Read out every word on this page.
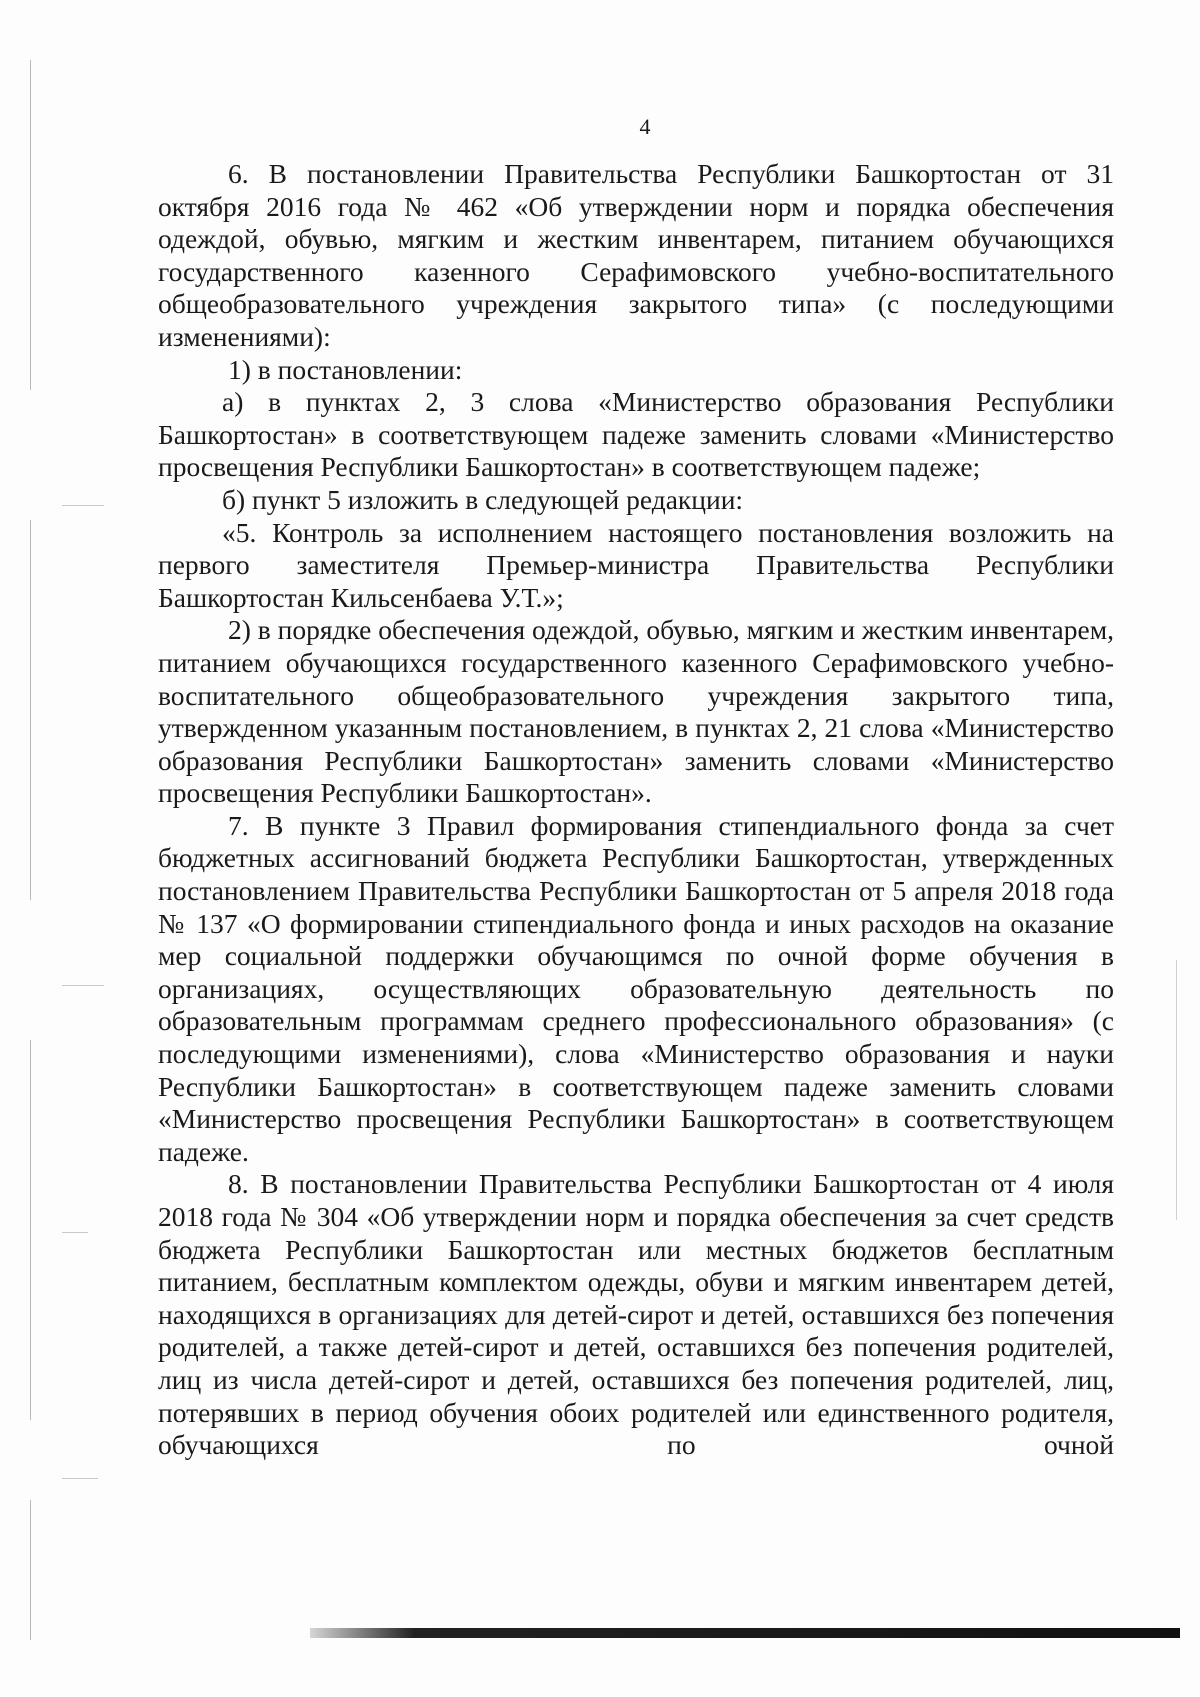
4

6. В постановлении Правительства Республики Башкортостан от 31 октября 2016 года № 462 «Об утверждении норм и порядка обеспечения одеждой, обувью, мягким и жестким инвентарем, питанием обучающихся государственного казенного Серафимовского учебно-воспитательного общеобразовательного учреждения закрытого типа» (с последующими изменениями):

1) в постановлении:

а) в пунктах 2, 3 слова «Министерство образования Республики Башкортостан» в соответствующем падеже заменить словами «Министерство просвещения Республики Башкортостан» в соответствующем падеже;

б) пункт 5 изложить в следующей редакции:

«5. Контроль за исполнением настоящего постановления возложить на первого заместителя Премьер-министра Правительства Республики Башкортостан Кильсенбаева У.Т.»;

2) в порядке обеспечения одеждой, обувью, мягким и жестким инвентарем, питанием обучающихся государственного казенного Серафимовского учебно-воспитательного общеобразовательного учреждения закрытого типа, утвержденном указанным постановлением, в пунктах 2, 21 слова «Министерство образования Республики Башкортостан» заменить словами «Министерство просвещения Республики Башкортостан».

7. В пункте 3 Правил формирования стипендиального фонда за счет бюджетных ассигнований бюджета Республики Башкортостан, утвержденных постановлением Правительства Республики Башкортостан от 5 апреля 2018 года № 137 «О формировании стипендиального фонда и иных расходов на оказание мер социальной поддержки обучающимся по очной форме обучения в организациях, осуществляющих образовательную деятельность по образовательным программам среднего профессионального образования» (с последующими изменениями), слова «Министерство образования и науки Республики Башкортостан» в соответствующем падеже заменить словами «Министерство просвещения Республики Башкортостан» в соответствующем падеже.

8. В постановлении Правительства Республики Башкортостан от 4 июля 2018 года № 304 «Об утверждении норм и порядка обеспечения за счет средств бюджета Республики Башкортостан или местных бюджетов бесплатным питанием, бесплатным комплектом одежды, обуви и мягким инвентарем детей, находящихся в организациях для детей-сирот и детей, оставшихся без попечения родителей, а также детей-сирот и детей, оставшихся без попечения родителей, лиц из числа детей-сирот и детей, оставшихся без попечения родителей, лиц, потерявших в период обучения обоих родителей или единственного родителя, обучающихся по очной
